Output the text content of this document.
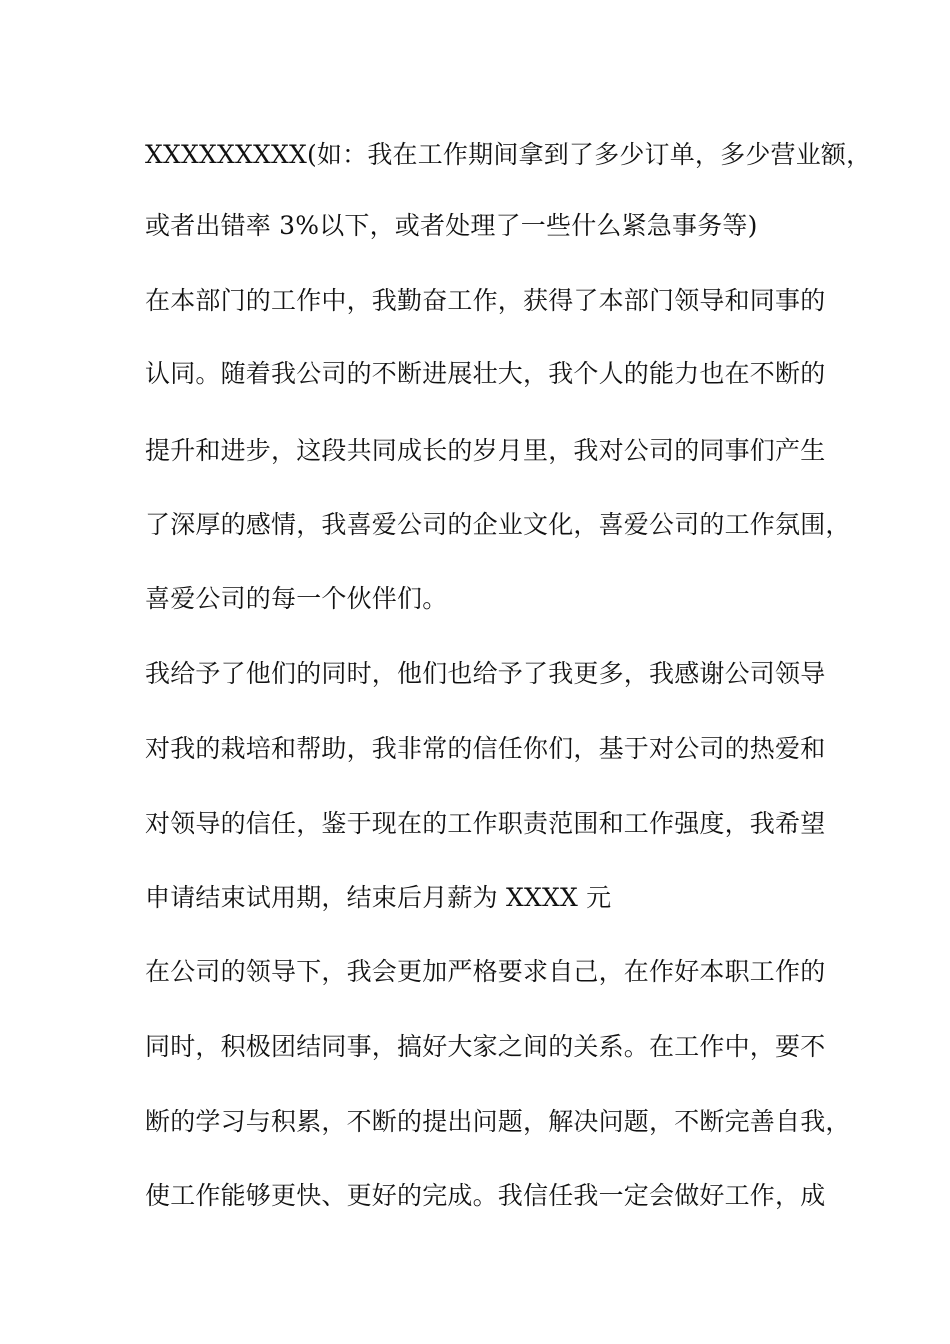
XXXXXXXXX(如：我在工作期间拿到了多少订单，多少营业额，
或者出错率 3%以下，或者处理了一些什么紧急事务等)
在本部门的工作中，我勤奋工作，获得了本部门领导和同事的
认同。随着我公司的不断进展壮大，我个人的能力也在不断的
提升和进步，这段共同成长的岁月里，我对公司的同事们产生
了深厚的感情，我喜爱公司的企业文化，喜爱公司的工作氛围，
喜爱公司的每一个伙伴们。
我给予了他们的同时，他们也给予了我更多，我感谢公司领导
对我的栽培和帮助，我非常的信任你们，基于对公司的热爱和
对领导的信任，鉴于现在的工作职责范围和工作强度，我希望
申请结束试用期，结束后月薪为 XXXX 元
在公司的领导下，我会更加严格要求自己，在作好本职工作的
同时，积极团结同事，搞好大家之间的关系。在工作中，要不
断的学习与积累，不断的提出问题，解决问题，不断完善自我，
使工作能够更快、更好的完成。我信任我一定会做好工作，成
